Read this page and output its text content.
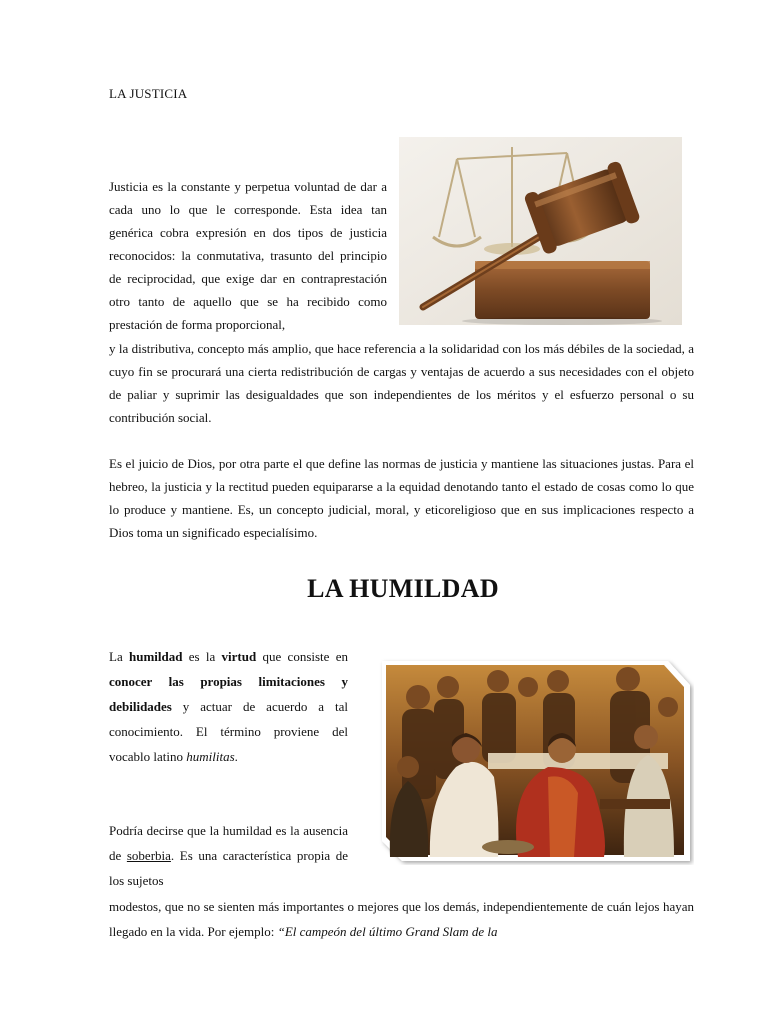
LA JUSTICIA
Justicia es la constante y perpetua voluntad de dar a cada uno lo que le corresponde. Esta idea tan genérica cobra expresión en dos tipos de justicia reconocidos: la conmutativa, trasunto del principio de reciprocidad, que exige dar en contraprestación otro tanto de aquello que se ha recibido como prestación de forma proporcional,
y la distributiva, concepto más amplio, que hace referencia a la solidaridad con los más débiles de la sociedad, a cuyo fin se procurará una cierta redistribución de cargas y ventajas de acuerdo a sus necesidades con el objeto de paliar y suprimir las desigualdades que son independientes de los méritos y el esfuerzo personal o su contribución social.
Es el juicio de Dios, por otra parte el que define las normas de justicia y mantiene las situaciones justas. Para el hebreo, la justicia y la rectitud pueden equipararse a la equidad denotando tanto el estado de cosas como lo que lo produce y mantiene. Es, un concepto judicial, moral, y eticoreligioso que en sus implicaciones respecto a Dios toma un significado especialísimo.
LA HUMILDAD
La humildad es la virtud que consiste en conocer las propias limitaciones y debilidades y actuar de acuerdo a tal conocimiento. El término proviene del vocablo latino humilitas.
Podría decirse que la humildad es la ausencia de soberbia. Es una característica propia de los sujetos
modestos, que no se sienten más importantes o mejores que los demás, independientemente de cuán lejos hayan llegado en la vida. Por ejemplo: “El campeón del último Grand Slam de la
